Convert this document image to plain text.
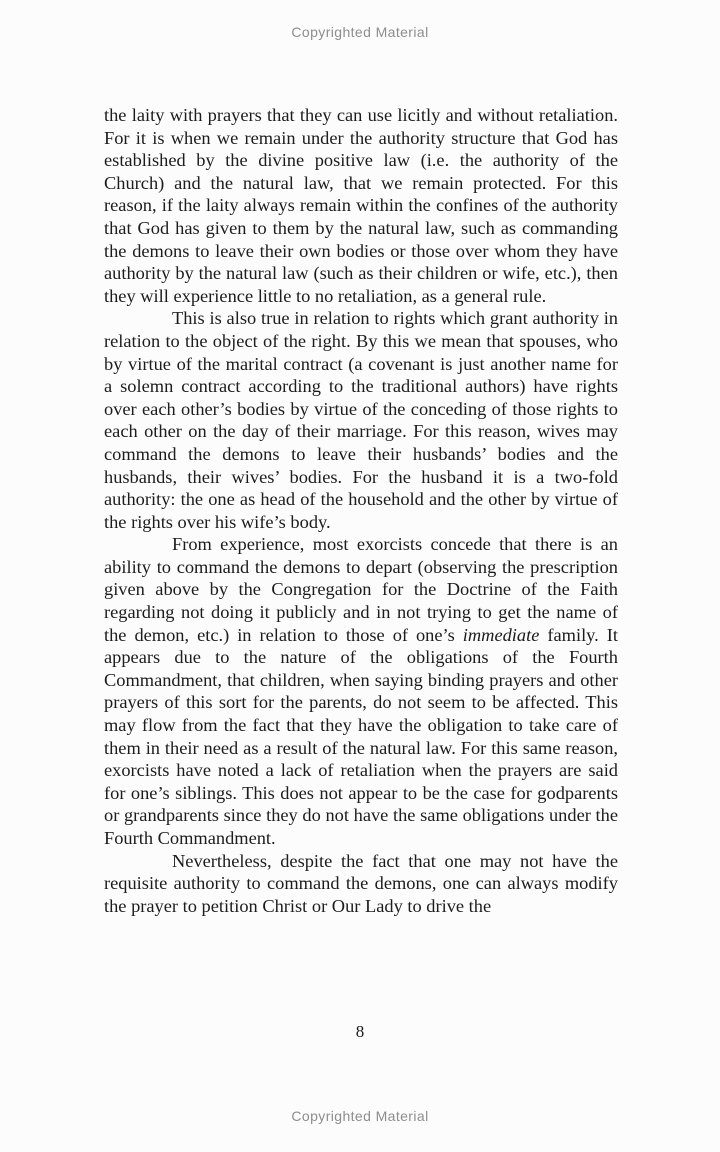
Copyrighted Material

the laity with prayers that they can use licitly and without retaliation. For it is when we remain under the authority structure that God has established by the divine positive law (i.e. the authority of the Church) and the natural law, that we remain protected. For this reason, if the laity always remain within the confines of the authority that God has given to them by the natural law, such as commanding the demons to leave their own bodies or those over whom they have authority by the natural law (such as their children or wife, etc.), then they will experience little to no retaliation, as a general rule.

This is also true in relation to rights which grant authority in relation to the object of the right. By this we mean that spouses, who by virtue of the marital contract (a covenant is just another name for a solemn contract according to the traditional authors) have rights over each other’s bodies by virtue of the conceding of those rights to each other on the day of their marriage. For this reason, wives may command the demons to leave their husbands’ bodies and the husbands, their wives’ bodies. For the husband it is a two-fold authority: the one as head of the household and the other by virtue of the rights over his wife’s body.

From experience, most exorcists concede that there is an ability to command the demons to depart (observing the prescription given above by the Congregation for the Doctrine of the Faith regarding not doing it publicly and in not trying to get the name of the demon, etc.) in relation to those of one’s immediate family. It appears due to the nature of the obligations of the Fourth Commandment, that children, when saying binding prayers and other prayers of this sort for the parents, do not seem to be affected. This may flow from the fact that they have the obligation to take care of them in their need as a result of the natural law. For this same reason, exorcists have noted a lack of retaliation when the prayers are said for one’s siblings. This does not appear to be the case for godparents or grandparents since they do not have the same obligations under the Fourth Commandment.

Nevertheless, despite the fact that one may not have the requisite authority to command the demons, one can always modify the prayer to petition Christ or Our Lady to drive the

8
Copyrighted Material
